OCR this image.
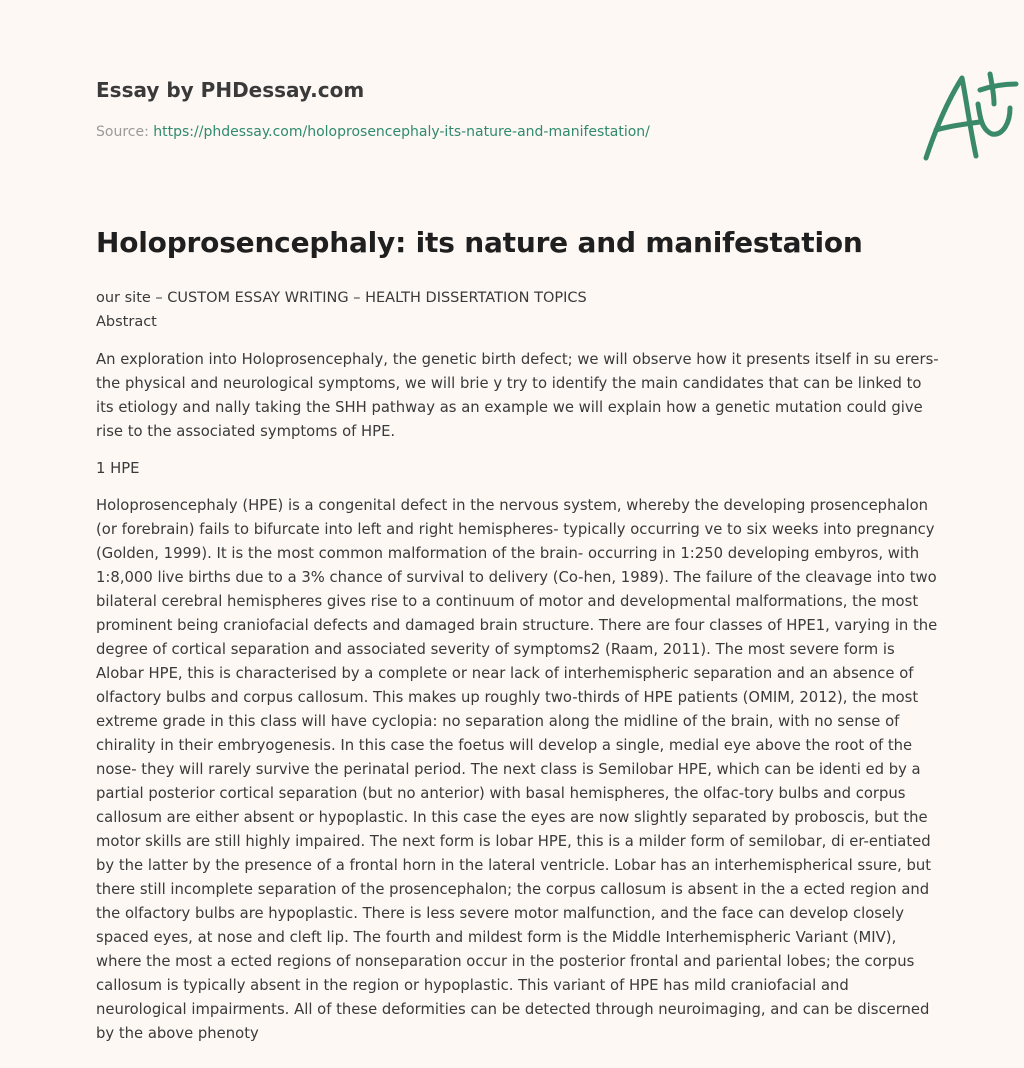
Essay by PHDessay.com
Source: https://phdessay.com/holoprosencephaly-its-nature-and-manifestation/
Holoprosencephaly: its nature and manifestation
our site – CUSTOM ESSAY WRITING – HEALTH DISSERTATION TOPICS
Abstract
An exploration into Holoprosencephaly, the genetic birth defect; we will observe how it presents itself in su erers-
the physical and neurological symptoms, we will brie y try to identify the main candidates that can be linked to
its etiology and nally taking the SHH pathway as an example we will explain how a genetic mutation could give
rise to the associated symptoms of HPE.
1 HPE
Holoprosencephaly (HPE) is a congenital defect in the nervous system, whereby the developing prosencephalon
(or forebrain) fails to bifurcate into left and right hemispheres- typically occurring ve to six weeks into pregnancy
(Golden, 1999). It is the most common malformation of the brain- occurring in 1:250 developing embyros, with
1:8,000 live births due to a 3% chance of survival to delivery (Co-hen, 1989). The failure of the cleavage into two
bilateral cerebral hemispheres gives rise to a continuum of motor and developmental malformations, the most
prominent being craniofacial defects and damaged brain structure. There are four classes of HPE1, varying in the
degree of cortical separation and associated severity of symptoms2 (Raam, 2011). The most severe form is
Alobar HPE, this is characterised by a complete or near lack of interhemispheric separation and an absence of
olfactory bulbs and corpus callosum. This makes up roughly two-thirds of HPE patients (OMIM, 2012), the most
extreme grade in this class will have cyclopia: no separation along the midline of the brain, with no sense of
chirality in their embryogenesis. In this case the foetus will develop a single, medial eye above the root of the
nose- they will rarely survive the perinatal period. The next class is Semilobar HPE, which can be identi ed by a
partial posterior cortical separation (but no anterior) with basal hemispheres, the olfac-tory bulbs and corpus
callosum are either absent or hypoplastic. In this case the eyes are now slightly separated by proboscis, but the
motor skills are still highly impaired. The next form is lobar HPE, this is a milder form of semilobar, di er-entiated
by the latter by the presence of a frontal horn in the lateral ventricle. Lobar has an interhemispherical ssure, but
there still incomplete separation of the prosencephalon; the corpus callosum is absent in the a ected region and
the olfactory bulbs are hypoplastic. There is less severe motor malfunction, and the face can develop closely
spaced eyes, at nose and cleft lip. The fourth and mildest form is the Middle Interhemispheric Variant (MIV),
where the most a ected regions of nonseparation occur in the posterior frontal and pariental lobes; the corpus
callosum is typically absent in the region or hypoplastic. This variant of HPE has mild craniofacial and
neurological impairments. All of these deformities can be detected through neuroimaging, and can be discerned
by the above phenoty
